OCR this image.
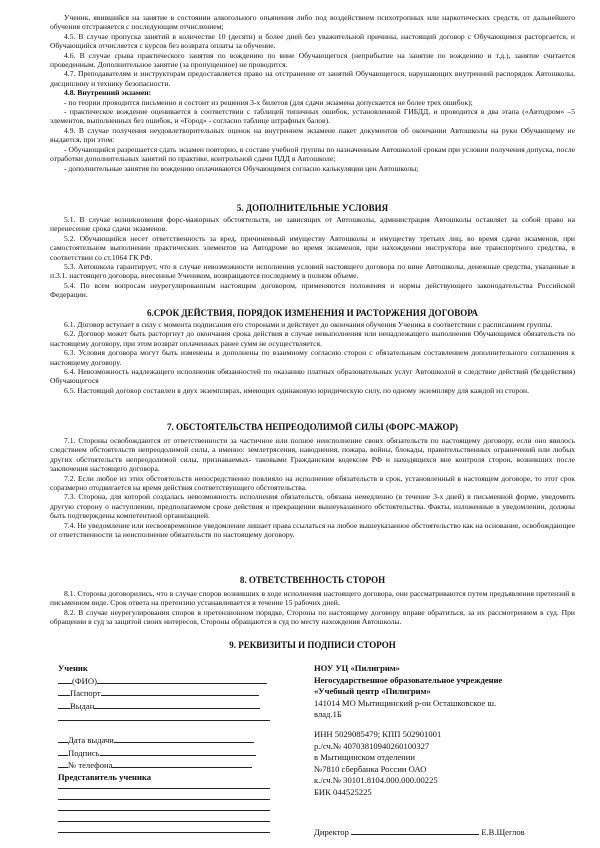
Ученик, явившийся на занятие в состоянии алкогольного опьянения либо под воздействием психотропных или наркотических средств, от дальнейшего обучения отстраняется с последующим отчислением;

4.5. В случае пропуска занятий в количестве 10 (десяти) и более дней без уважительной причины, настоящий договор с Обучающимся расторгается, и Обучающийся отчисляется с курсов без возврата оплаты за обучение.

4.6. В случае срыва практического занятия по вождению по вине Обучающегося (неприбытие на занятие по вождению и т.д.), занятие считается проведенным. Дополнительное занятие (за пропущенное) не проводится.

4.7. Преподавателям и инструкторам предоставляется право на отстранение от занятий Обучающегося, нарушающих внутренний распорядок Автошколы, дисциплину и технику безопасности.

4.8. Внутренний экзамен:

- по теории проводится письменно и состоит из решения 3-х билетов (для сдачи экзамена допускается не более трех ошибок);

- практическое вождение оценивается в соответствии с таблицей типичных ошибок, установленной ГИБДД, и проводится в два этапа («Автодром» –5 элементов, выполненных без ошибок, и «Город» - согласно таблице штрафных балов).

4.9. В случае получения неудовлетворительных оценок на внутреннем экзамене пакет документов об окончании Автошколы на руки Обучающему не выдается, при этом:

- Обучающийся разрешается сдать экзамен повторно, в составе учебной группы по назначенным Автошколой срокам при условии получения допуска, после отработки дополнительных занятий по практике, контрольной сдачи ПДД в Автошколе;

- дополнительные занятия по вождению оплачиваются Обучающимся согласно калькуляции цен Автошколы;

5. ДОПОЛНИТЕЛЬНЫЕ УСЛОВИЯ

5.1. В случае возникновения форс-мажорных обстоятельств, не зависящих от Автошколы, администрация Автошколы оставляет за собой право на перенесение срока сдачи экзаменов.

5.2. Обучающийся несет ответственность за вред, причиненный имуществу Автошколы и имуществу третьих лиц, во время сдачи экзаменов, при самостоятельном выполнении практических элементов на Автодроме во время экзаменов, при нахождении инструктора вне транспортного средства, в соответствии со ст.1064 ГК РФ.

5.3. Автошкола гарантирует, что в случае невозможности исполнения условий настоящего договора по вине Автошколы, денежные средства, указанные в п.3.1. настоящего договора, внесенные Учеником, возвращаются последнему в полном объеме.

5.4. По всем вопросам неурегулированным настоящим договором, применяются положения и нормы действующего законодательства Российской Федерации.

6.СРОК ДЕЙСТВИЯ, ПОРЯДОК ИЗМЕНЕНИЯ И РАСТОРЖЕНИЯ ДОГОВОРА

6.1. Договор вступает в силу с момента подписания его сторонами и действует до окончания обучения Ученика в соответствии с расписанием группы.

6.2. Договор может быть расторгнут до окончания срока действия в случае невыполнения или ненадлежащего выполнения Обучающимся обязательств по настоящему договору, при этом возврат оплаченных ранее сумм не осуществляется.

6.3. Условия договора могут быть изменены и дополнены по взаимному согласию сторон с обязательным составлением дополнительного соглашения к настоящему договору.

6.4. Невозможность надлежащего исполнения обязанностей по оказанию платных образовательных услуг Автошколой в следствие действий (бездействия) Обучающегося

6.5. Настоящий договор составлен в двух экземплярах, имеющих одинаковую юридическую силу, по одному экземпляру для каждой из сторон.

7. ОБСТОЯТЕЛЬСТВА НЕПРЕОДОЛИМОЙ СИЛЫ (ФОРС-МАЖОР)

7.1. Стороны освобождаются от ответственности за частичное или полное неисполнение своих обязательств по настоящему договору, если оно явилось следствием обстоятельств непреодолимой силы, а именно: землетрясения, наводнения, пожара, войны, блокады, правительственных ограничений или любых других обстоятельств непреодолимой силы, признаваемых- таковыми Гражданским кодексом РФ и находящихся вне контроля сторон, возникших после заключения настоящего договора.

7.2. Если любое из этих обстоятельств непосредственно повлияло на исполнение обязательств в срок, установленный в настоящем договоре, то этот срок соразмерно отодвигается на время действия соответствующего обстоятельства.

7.3. Сторона, для которой создалась невозможность исполнения обязательств, обязана немедленно (в течение 3-х дней) в письменной форме, уведомить другую сторону о наступлении, предполагаемом сроке действия и прекращении вышеуказанного обстоятельства. Факты, изложенные в уведомлении, должны быть подтверждены компетентной организацией.

7.4. Не уведомление или несвоевременное уведомление лишает права ссылаться на любое вышеуказанное обстоятельство как на основание, освобождающее от ответственности за неисполнение обязательств по настоящему договору.

8. ОТВЕТСТВЕННОСТЬ СТОРОН

8.1. Стороны договорились, что в случае споров возникших в ходе исполнения настоящего договора, они рассматриваются путем предъявления претензий в письменном виде. Срок ответа на претензию устанавливается в течение 15 рабочих дней.

8.2. В случае неурегулирования споров в претензионном порядке, Стороны по настоящему договору вправе обратиться, за их рассмотрением в суд. При обращении в суд за защитой своих интересов, Стороны обращаются в суд по месту нахождения Автошколы.

9. РЕКВИЗИТЫ И ПОДПИСИ СТОРОН

Ученик

(ФИО)

Паспорт

Выдан

Дата выдачи

Подпись

№ телефона

Представитель ученика

НОУ УЦ «Пилигрим»

Негосударственное образовательное учреждение

«Учебный центр «Пилигрим»

141014 МО Мытищинский р-он Осташковское ш.

влад.1Б

ИНН 5029085479; КПП 502901001

р./сч.№ 40703810940260100327

в Мытищинском отделении

№7810 сбербанка России ОАО

к./сч.№ 30101.8104.000.000.00225

БИК 044525225

Директор	Е.В.Щеглов
